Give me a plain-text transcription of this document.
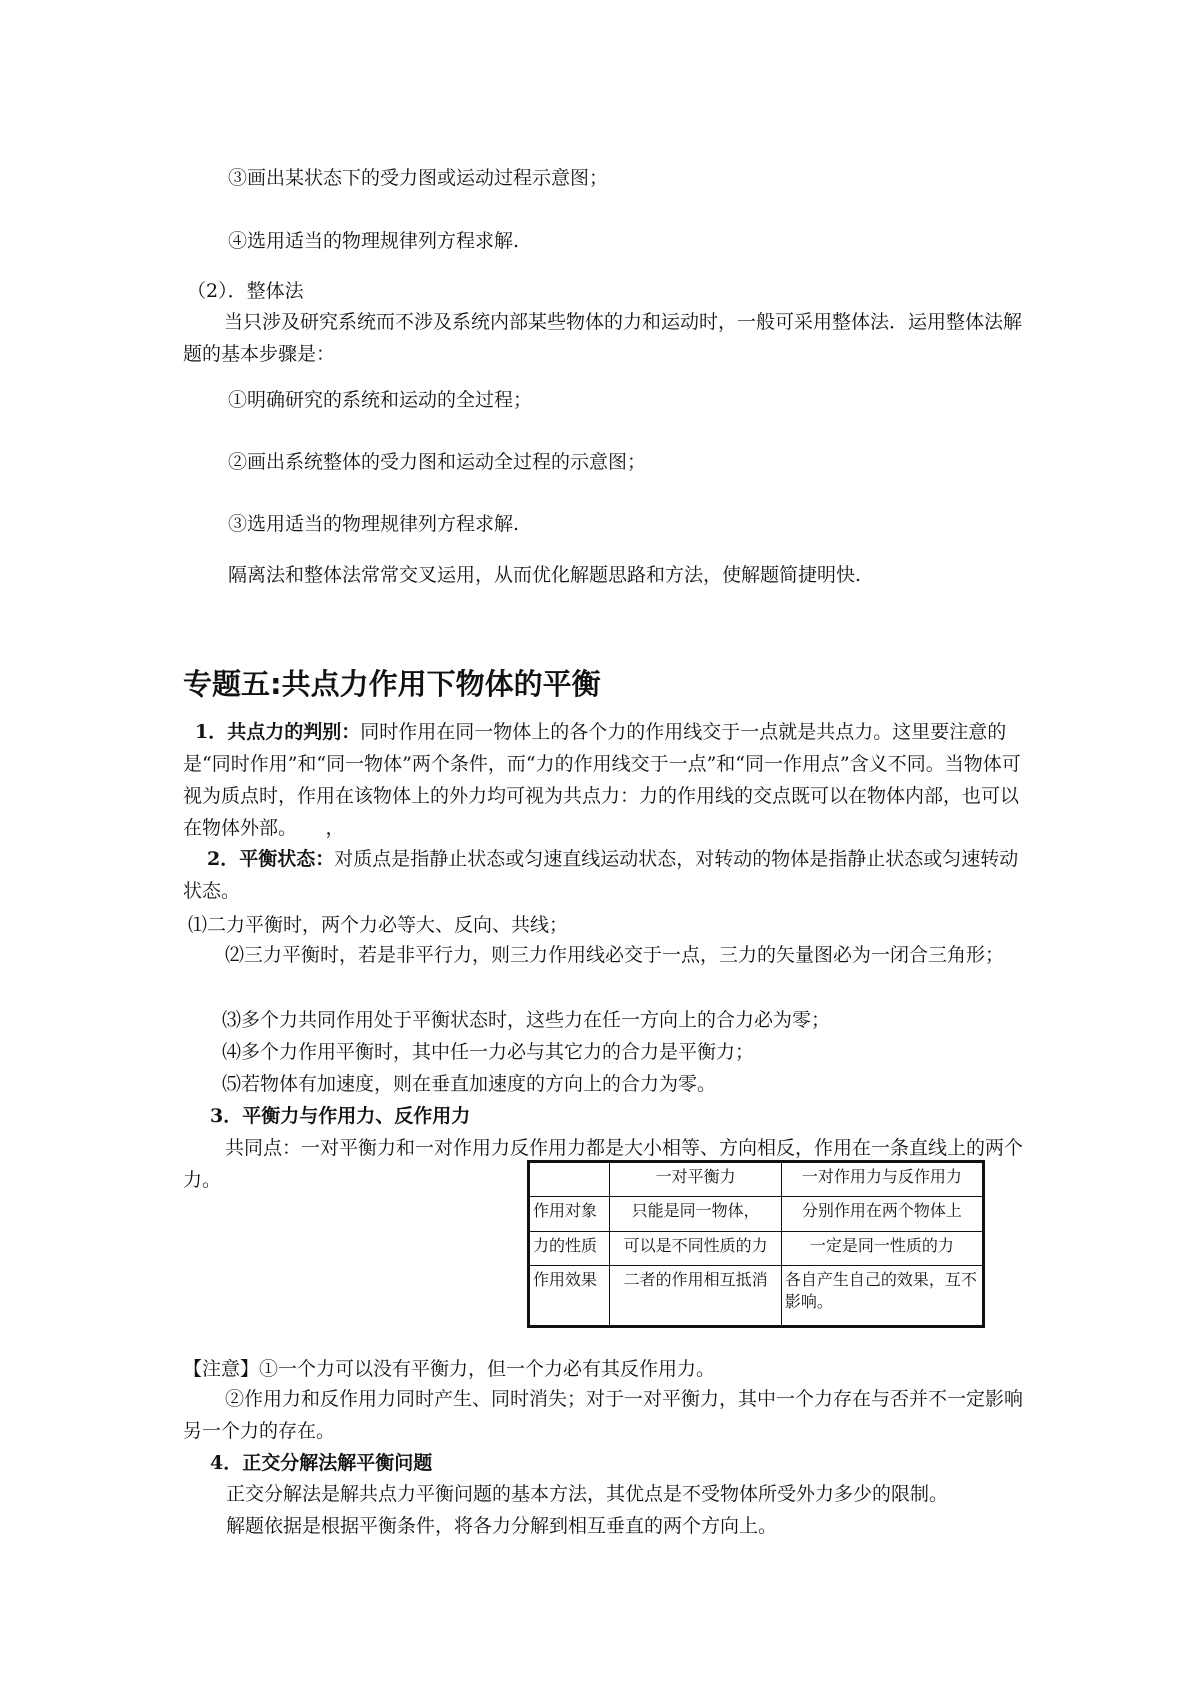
③画出某状态下的受力图或运动过程示意图；
④选用适当的物理规律列方程求解.
（2）．整体法
当只涉及研究系统而不涉及系统内部某些物体的力和运动时，一般可采用整体法．运用整体法解题的基本步骤是：
①明确研究的系统和运动的全过程；
②画出系统整体的受力图和运动全过程的示意图；
③选用适当的物理规律列方程求解.
隔离法和整体法常常交叉运用，从而优化解题思路和方法，使解题简捷明快.
专题五:共点力作用下物体的平衡
1．共点力的判别：同时作用在同一物体上的各个力的作用线交于一点就是共点力。这里要注意的是“同时作用”和“同一物体”两个条件，而“力的作用线交于一点”和“同一作用点”含义不同。当物体可视为质点时，作用在该物体上的外力均可视为共点力：力的作用线的交点既可以在物体内部，也可以在物体外部。　　，
2．平衡状态：对质点是指静止状态或匀速直线运动状态，对转动的物体是指静止状态或匀速转动状态。
⑴二力平衡时，两个力必等大、反向、共线；
⑵三力平衡时，若是非平行力，则三力作用线必交于一点，三力的矢量图必为一闭合三角形；
⑶多个力共同作用处于平衡状态时，这些力在任一方向上的合力必为零；
⑷多个力作用平衡时，其中任一力必与其它力的合力是平衡力；
⑸若物体有加速度，则在垂直加速度的方向上的合力为零。
3．平衡力与作用力、反作用力
共同点：一对平衡力和一对作用力反作用力都是大小相等、方向相反，作用在一条直线上的两个力。
		一对平衡力	一对作用力与反作用力
作用对象	只能是同一物体，	分别作用在两个物体上
力的性质	可以是不同性质的力	一定是同一性质的力
作用效果	二者的作用相互抵消	各自产生自己的效果，互不影响。
【注意】①一个力可以没有平衡力，但一个力必有其反作用力。
②作用力和反作用力同时产生、同时消失；对于一对平衡力，其中一个力存在与否并不一定影响另一个力的存在。
4．正交分解法解平衡问题
正交分解法是解共点力平衡问题的基本方法，其优点是不受物体所受外力多少的限制。
解题依据是根据平衡条件，将各力分解到相互垂直的两个方向上。
